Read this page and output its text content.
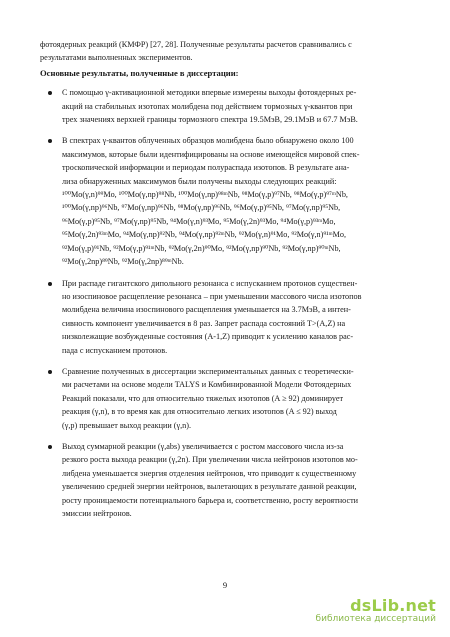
фотоядерных реакций (КМФР) [27, 28]. Полученные результаты расчетов сравнивались с
результатами выполненных экспериментов.
Основные результаты, полученные в диссертации:
С помощью γ-активационной методики впервые измерены выходы фотоядерных ре-
акций на стабильных изотопах молибдена под действием тормозных γ-квантов при
трех значениях верхней границы тормозного спектра 19.5МэВ, 29.1МэВ и 67.7 МэВ.
В спектрах γ-квантов облученных образцов молибдена было обнаружено около 100
максимумов, которые были идентифицированы на основе имеющейся мировой спек-
троскопической информации и периодам полураспада изотопов. В результате ана-
лиза обнаруженных максимумов были получены выходы следующих реакций:
¹⁰⁰Mo(γ,n)⁹⁹Mo, ¹⁰⁰Mo(γ,np)⁹⁸Nb, ¹⁰⁰Mo(γ,np)⁹⁸ᵐNb, ⁹⁸Mo(γ,p)⁹⁷Nb, ⁹⁸Mo(γ,p)⁹⁷ᵐNb,
¹⁰⁰Mo(γ,np)⁹⁶Nb, ⁹⁷Mo(γ,np)⁹⁶Nb, ⁹⁸Mo(γ,np)⁹⁶Nb, ⁹⁶Mo(γ,p)⁹⁵Nb, ⁹⁷Mo(γ,np)⁹⁵Nb,
⁹⁶Mo(γ,p)⁹⁵Nb, ⁹⁷Mo(γ,np)⁹⁵Nb, ⁹⁴Mo(γ,n)⁹³Mo, ⁹⁵Mo(γ,2n)⁹³Mo, ⁹⁴Mo(γ,p)⁹³ᵐMo,
⁹⁵Mo(γ,2n)⁹³ᵐMo, ⁹⁴Mo(γ,np)⁹²Nb, ⁹⁴Mo(γ,np)⁹²ᵐNb, ⁹²Mo(γ,n)⁹¹Mo, ⁹²Mo(γ,n)⁹¹ᵐMo,
⁹²Mo(γ,p)⁹¹Nb, ⁹²Mo(γ,p)⁹¹ᵐNb, ⁹²Mo(γ,2n)⁹⁰Mo, ⁹²Mo(γ,np)⁹⁰Nb, ⁹²Mo(γ,np)⁹⁰ᵐNb,
⁹²Mo(γ,2np)⁸⁹Nb, ⁹²Mo(γ,2np)⁸⁹ᵐNb.
При распаде гигантского дипольного резонанса с испусканием протонов существен-
но изоспиновое расщепление резонанса – при уменьшении массового числа изотопов
молибдена величина изоспинового расщепления уменьшается на 3.7МэВ, а интен-
сивность компонент увеличивается в 8 раз. Запрет распада состояний T>(A,Z) на
низколежащие возбужденные состояния (A-1,Z) приводит к усилению каналов рас-
пада с испусканием протонов.
Сравнение полученных в диссертации экспериментальных данных с теоретически-
ми расчетами на основе модели TALYS и Комбинированной Модели Фотоядерных
Реакций показали, что для относительно тяжелых изотопов (A ≥ 92) доминирует
реакция (γ,n), в то время как для относительно легких изотопов (A ≤ 92) выход
(γ,p) превышает выход реакции (γ,n).
Выход суммарной реакции (γ,abs) увеличивается с ростом массового числа из-за
резкого роста выхода реакции (γ,2n). При увеличении числа нейтронов изотопов мо-
либдена уменьшается энергия отделения нейтронов, что приводит к существенному
увеличению средней энергии нейтронов, вылетающих в результате данной реакции,
росту проницаемости потенциального барьера и, соответственно, росту вероятности
эмиссии нейтронов.
9
dsLib.net
библиотека диссертаций
